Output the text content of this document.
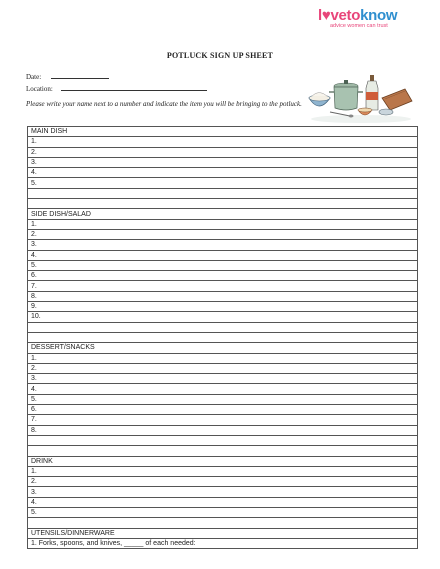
l♥vetoknow
advice women can trust
POTLUCK SIGN UP SHEET
Date:
Location:
Please write your name next to a number and indicate the item you will be bringing to the potluck.
MAIN DISH
1.
2.
3.
4.
5.

SIDE DISH/SALAD
1.
2.
3.
4.
5.
6.
7.
8.
9.
10.

DESSERT/SNACKS
1.
2.
3.
4.
5.
6.
7.
8.

DRINK
1.
2.
3.
4.
5.

UTENSILS/DINNERWARE
1. Forks, spoons, and knives, _____ of each needed:
